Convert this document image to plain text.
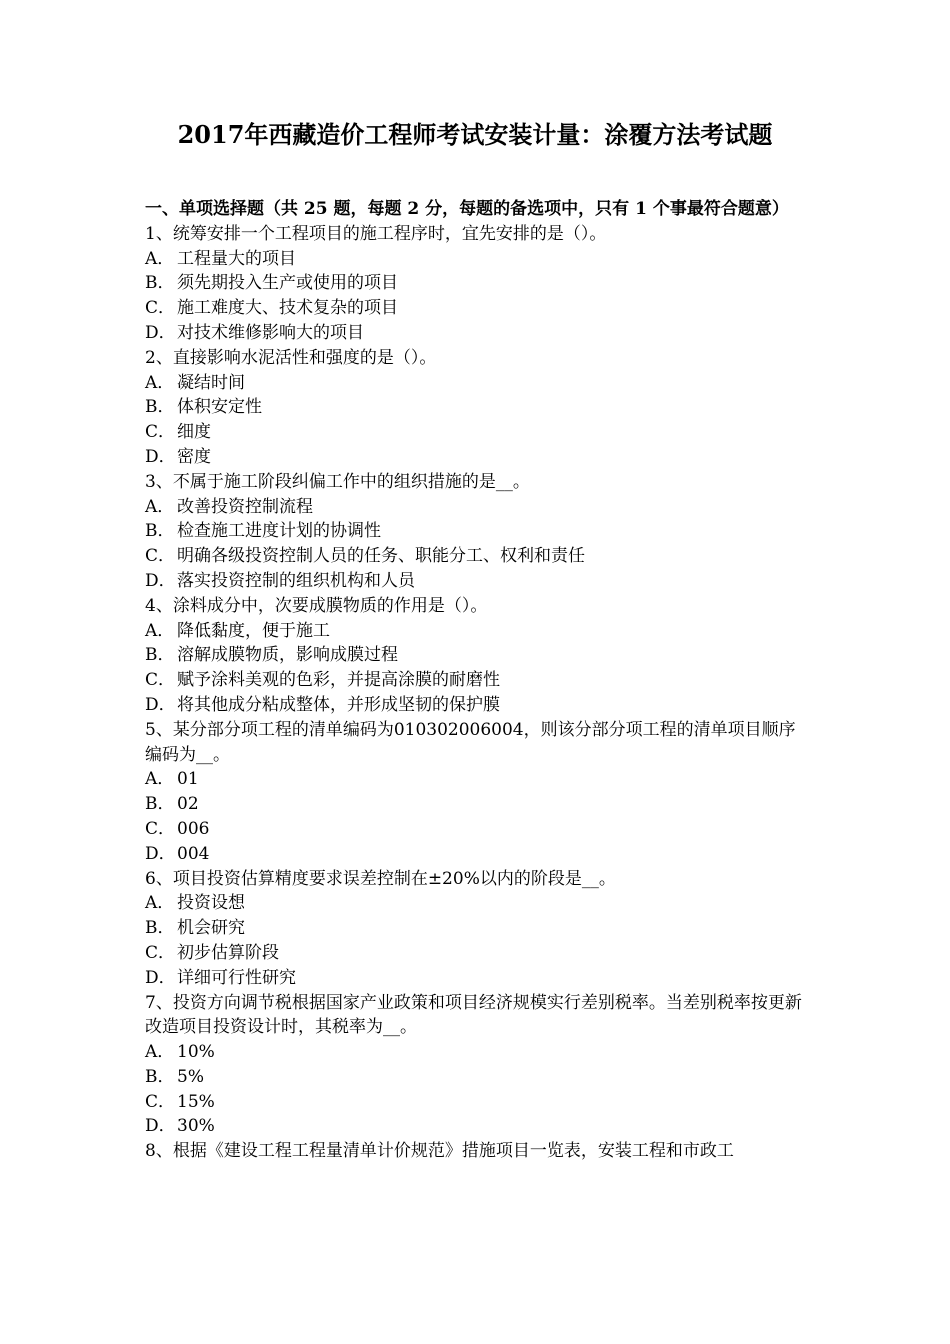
2017年西藏造价工程师考试安装计量：涂覆方法考试题

一、单项选择题（共 25 题，每题 2 分，每题的备选项中，只有 1 个事最符合题意）

1、统筹安排一个工程项目的施工程序时，宜先安排的是（）。

A． 工程量大的项目

B． 须先期投入生产或使用的项目

C． 施工难度大、技术复杂的项目

D．对技术维修影响大的项目

2、直接影响水泥活性和强度的是（）。

A． 凝结时间

B． 体积安定性

C． 细度

D．密度

3、不属于施工阶段纠偏工作中的组织措施的是__。

A． 改善投资控制流程

B． 检查施工进度计划的协调性

C． 明确各级投资控制人员的任务、职能分工、权利和责任

D．落实投资控制的组织机构和人员

4、涂料成分中，次要成膜物质的作用是（）。

A． 降低黏度，便于施工

B． 溶解成膜物质，影响成膜过程

C． 赋予涂料美观的色彩，并提高涂膜的耐磨性

D．将其他成分粘成整体，并形成坚韧的保护膜

5、某分部分项工程的清单编码为010302006004，则该分部分项工程的清单项目顺序编码为__。

A． 01

B． 02

C． 006

D．004

6、项目投资估算精度要求误差控制在±20%以内的阶段是__。

A． 投资设想

B． 机会研究

C． 初步估算阶段

D．详细可行性研究

7、投资方向调节税根据国家产业政策和项目经济规模实行差别税率。当差别税率按更新改造项目投资设计时，其税率为__。

A． 10%

B． 5%

C． 15%

D．30%

8、根据《建设工程工程量清单计价规范》措施项目一览表，安装工程和市政工
